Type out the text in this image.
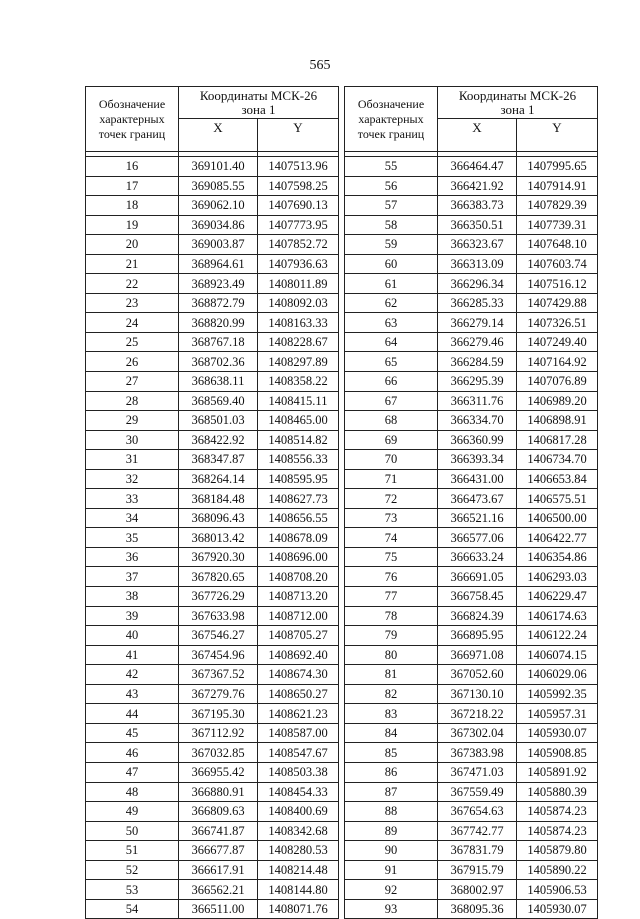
565
Обозначение характерных точек границ	Координаты МСК-26
зона 1	
	X	Y

16	369101.40	1407513.96
17	369085.55	1407598.25
18	369062.10	1407690.13
19	369034.86	1407773.95
20	369003.87	1407852.72
21	368964.61	1407936.63
22	368923.49	1408011.89
23	368872.79	1408092.03
24	368820.99	1408163.33
25	368767.18	1408228.67
26	368702.36	1408297.89
27	368638.11	1408358.22
28	368569.40	1408415.11
29	368501.03	1408465.00
30	368422.92	1408514.82
31	368347.87	1408556.33
32	368264.14	1408595.95
33	368184.48	1408627.73
34	368096.43	1408656.55
35	368013.42	1408678.09
36	367920.30	1408696.00
37	367820.65	1408708.20
38	367726.29	1408713.20
39	367633.98	1408712.00
40	367546.27	1408705.27
41	367454.96	1408692.40
42	367367.52	1408674.30
43	367279.76	1408650.27
44	367195.30	1408621.23
45	367112.92	1408587.00
46	367032.85	1408547.67
47	366955.42	1408503.38
48	366880.91	1408454.33
49	366809.63	1408400.69
50	366741.87	1408342.68
51	366677.87	1408280.53
52	366617.91	1408214.48
53	366562.21	1408144.80
54	366511.00	1408071.76
Обозначение характерных точек границ	Координаты МСК-26
зона 1	
	X	Y

55	366464.47	1407995.65
56	366421.92	1407914.91
57	366383.73	1407829.39
58	366350.51	1407739.31
59	366323.67	1407648.10
60	366313.09	1407603.74
61	366296.34	1407516.12
62	366285.33	1407429.88
63	366279.14	1407326.51
64	366279.46	1407249.40
65	366284.59	1407164.92
66	366295.39	1407076.89
67	366311.76	1406989.20
68	366334.70	1406898.91
69	366360.99	1406817.28
70	366393.34	1406734.70
71	366431.00	1406653.84
72	366473.67	1406575.51
73	366521.16	1406500.00
74	366577.06	1406422.77
75	366633.24	1406354.86
76	366691.05	1406293.03
77	366758.45	1406229.47
78	366824.39	1406174.63
79	366895.95	1406122.24
80	366971.08	1406074.15
81	367052.60	1406029.06
82	367130.10	1405992.35
83	367218.22	1405957.31
84	367302.04	1405930.07
85	367383.98	1405908.85
86	367471.03	1405891.92
87	367559.49	1405880.39
88	367654.63	1405874.23
89	367742.77	1405874.23
90	367831.79	1405879.80
91	367915.79	1405890.22
92	368002.97	1405906.53
93	368095.36	1405930.07
